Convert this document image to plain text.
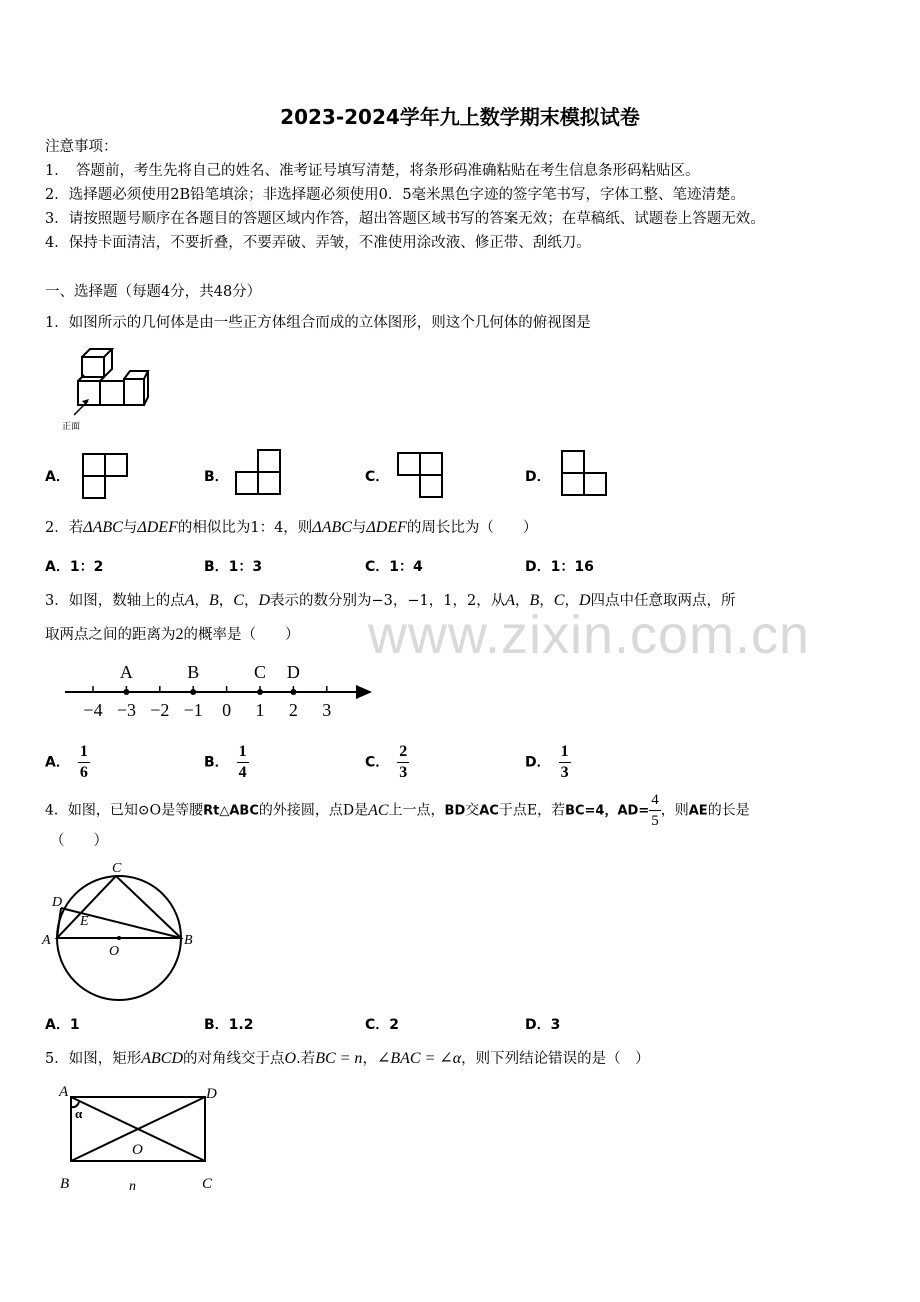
www.zixin.com.cn
2023-2024学年九上数学期末模拟试卷
注意事项：
1．　答题前，考生先将自己的姓名、准考证号填写清楚，将条形码准确粘贴在考生信息条形码粘贴区。
2．选择题必须使用2B铅笔填涂；非选择题必须使用0．5毫米黑色字迹的签字笔书写，字体工整、笔迹清楚。
3．请按照题号顺序在各题目的答题区域内作答，超出答题区域书写的答案无效；在草稿纸、试题卷上答题无效。
4．保持卡面清洁，不要折叠，不要弄破、弄皱，不准使用涂改液、修正带、刮纸刀。
一、选择题（每题4分，共48分）
1．如图所示的几何体是由一些正方体组合而成的立体图形，则这个几何体的俯视图是
正面
A．	B．	C．	D．
2．若ΔABC与ΔDEF的相似比为1：4，则ΔABC与ΔDEF的周长比为（　　）
A．1：2	B．1：3	C．1：4	D．1：16
3．如图，数轴上的点A，B，C，D表示的数分别为−3，−1，1，2，从A，B，C，D四点中任意取两点，所
取两点之间的距离为2的概率是（　　）
−4 −3 −2 −1 0 1 2 3
A	B	C D
A． $\frac{1}{6}$	B． $\frac{1}{4}$	C． $\frac{2}{3}$	D． $\frac{1}{3}$
4．如图，已知⊙O是等腰Rt△ABC的外接圆，点D是AC上一点，BD交AC于点E，若BC=4，$AD= \frac{4}{5}$ ，则AE的长是
（　　）
C
D
E
A
O
B
A．1	B．1.2	C．2	D．3
5．如图，矩形ABCD的对角线交于点O.若BC = n，∠BAC = ∠α，则下列结论错误的是（　）
A	D
α
O
B	n	C
